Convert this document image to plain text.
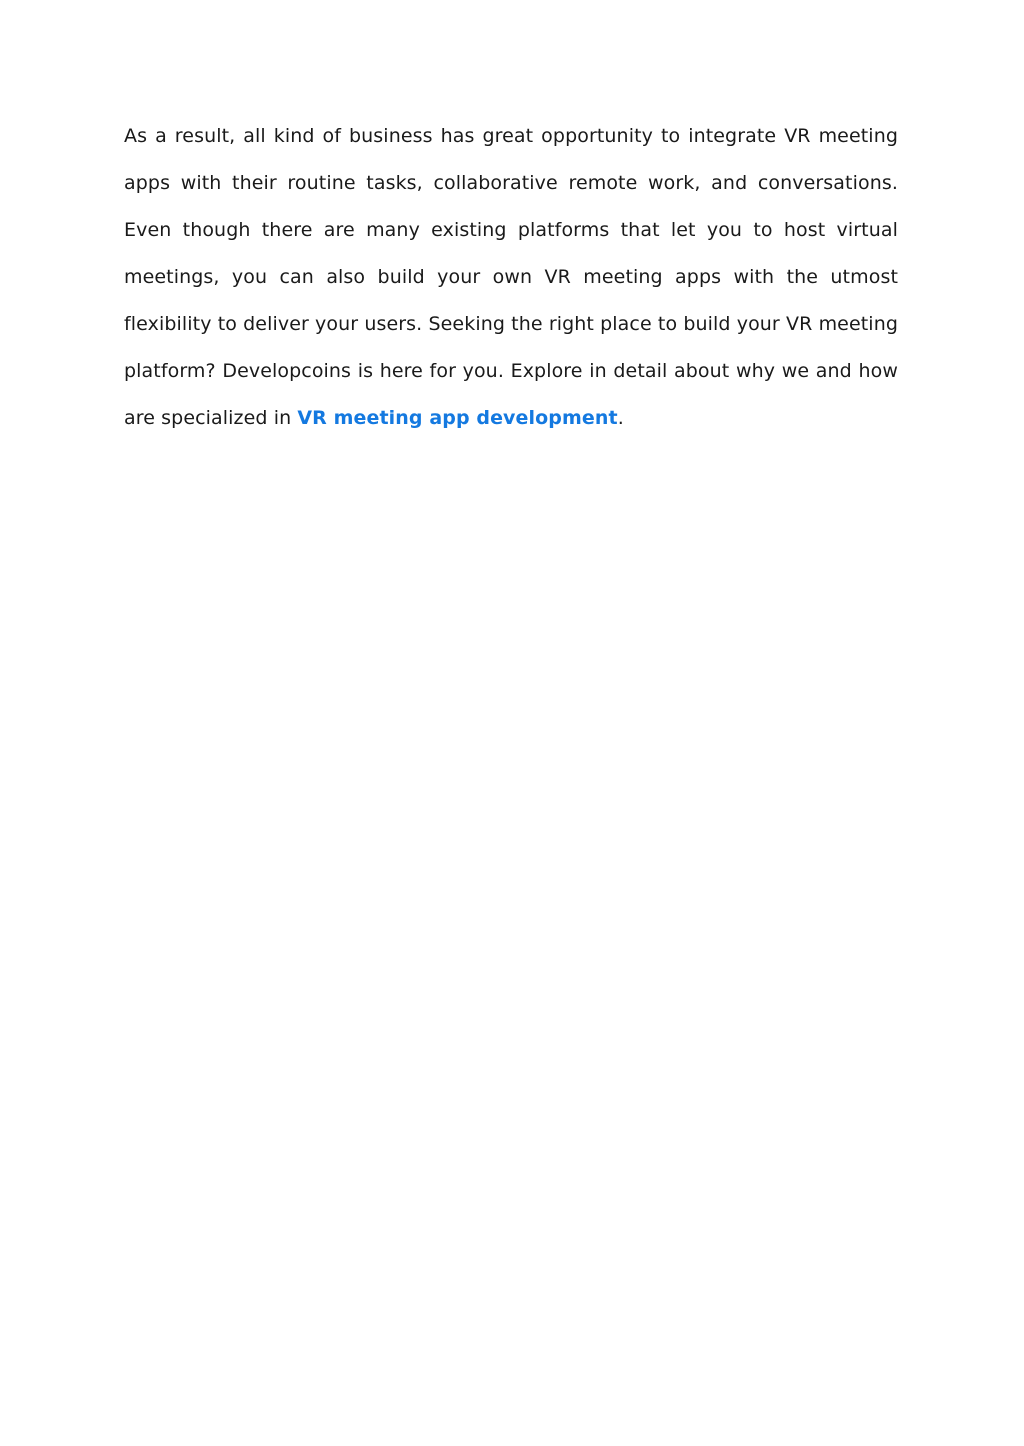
As a result, all kind of business has great opportunity to integrate VR meeting apps with their routine tasks, collaborative remote work, and conversations. Even though there are many existing platforms that let you to host virtual meetings, you can also build your own VR meeting apps with the utmost flexibility to deliver your users. Seeking the right place to build your VR meeting platform? Developcoins is here for you. Explore in detail about why we and how are specialized in VR meeting app development.
